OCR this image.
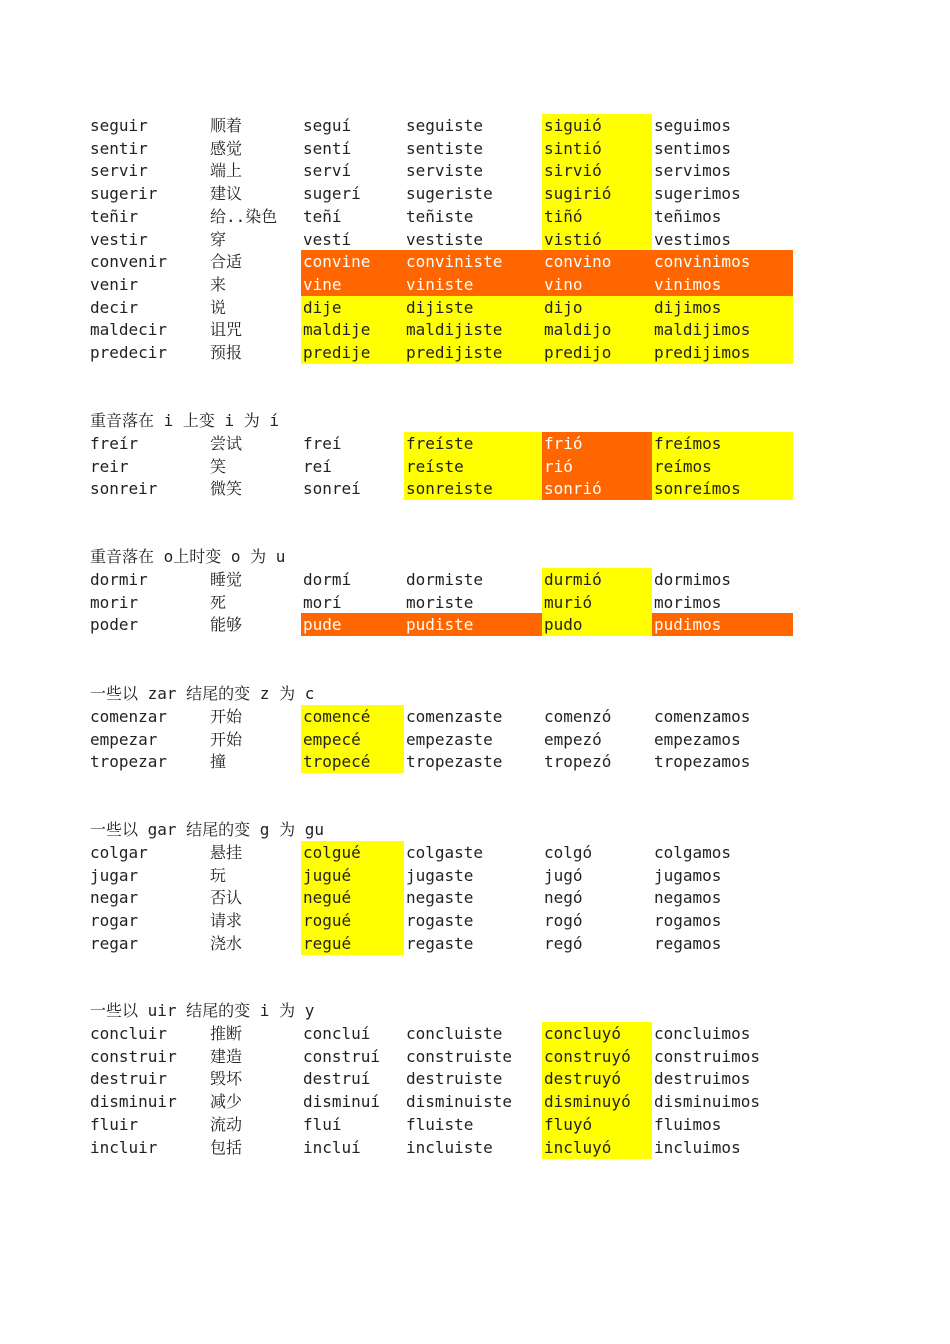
seguir	顺着	seguí	seguiste	siguió	seguimos
sentir	感觉	sentí	sentiste	sintió	sentimos
servir	端上	serví	serviste	sirvió	servimos
sugerir	建议	sugerí	sugeriste	sugirió	sugerimos
teñir	给..染色	teñí	teñiste	tiñó	teñimos
vestir	穿	vestí	vestiste	vistió	vestimos
convenir	合适	convine	conviniste	convino	convinimos
venir	来	vine	viniste	vino	vinimos
decir	说	dije	dijiste	dijo	dijimos
maldecir	诅咒	maldije	maldijiste	maldijo	maldijimos
predecir	预报	predije	predijiste	predijo	predijimos
重音落在 i 上变 i 为 í
freír	尝试	freí	freíste	frió	freímos
reir	笑	reí	reíste	rió	reímos
sonreir	微笑	sonreí	sonreiste	sonrió	sonreímos
重音落在 o上时变 o 为 u
dormir	睡觉	dormí	dormiste	durmió	dormimos
morir	死	morí	moriste	murió	morimos
poder	能够	pude	pudiste	pudo	pudimos
一些以 zar 结尾的变 z 为 c
comenzar	开始	comencé	comenzaste	comenzó	comenzamos
empezar	开始	empecé	empezaste	empezó	empezamos
tropezar	撞	tropecé	tropezaste	tropezó	tropezamos
一些以 gar 结尾的变 g 为 gu
colgar	悬挂	colgué	colgaste	colgó	colgamos
jugar	玩	jugué	jugaste	jugó	jugamos
negar	否认	negué	negaste	negó	negamos
rogar	请求	rogué	rogaste	rogó	rogamos
regar	浇水	regué	regaste	regó	regamos
一些以 uir 结尾的变 i 为 y
concluir	推断	concluí	concluiste	concluyó	concluimos
construir	建造	construí	construiste	construyó	construimos
destruir	毁坏	destruí	destruiste	destruyó	destruimos
disminuir	减少	disminuí	disminuiste	disminuyó	disminuimos
fluir	流动	fluí	fluiste	fluyó	fluimos
incluir	包括	incluí	incluiste	incluyó	incluimos
